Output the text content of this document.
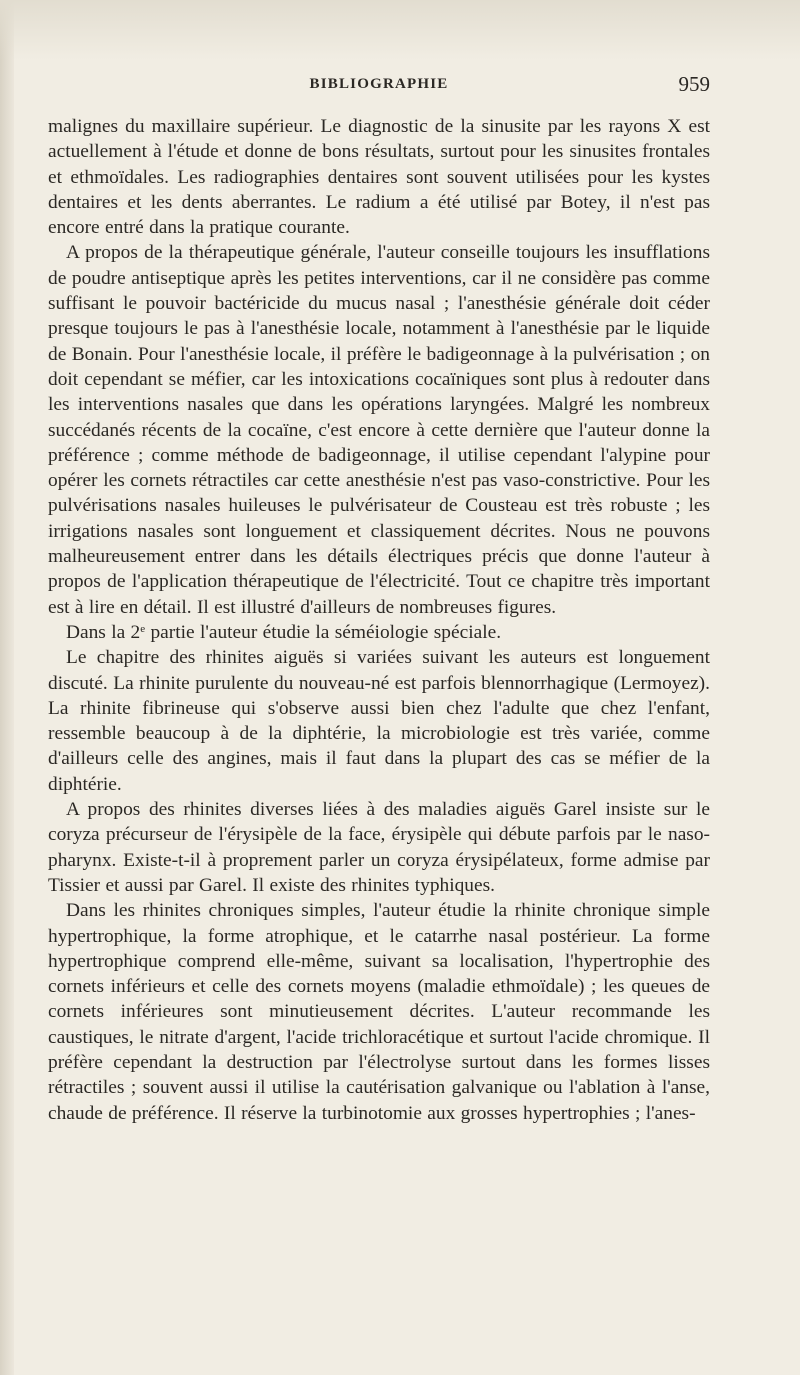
BIBLIOGRAPHIE	959

malignes du maxillaire supérieur. Le diagnostic de la sinusite par les rayons X est actuellement à l'étude et donne de bons résultats, surtout pour les sinusites frontales et ethmoïdales. Les radiographies dentaires sont souvent utilisées pour les kystes dentaires et les dents aberrantes. Le radium a été utilisé par Botey, il n'est pas encore entré dans la pratique courante.

A propos de la thérapeutique générale, l'auteur conseille toujours les insufflations de poudre antiseptique après les petites interventions, car il ne considère pas comme suffisant le pouvoir bactéricide du mucus nasal ; l'anesthésie générale doit céder presque toujours le pas à l'anesthésie locale, notamment à l'anesthésie par le liquide de Bonain. Pour l'anesthésie locale, il préfère le badigeonnage à la pulvérisation ; on doit cependant se méfier, car les intoxications cocaïniques sont plus à redouter dans les interventions nasales que dans les opérations laryngées. Malgré les nombreux succédanés récents de la cocaïne, c'est encore à cette dernière que l'auteur donne la préférence ; comme méthode de badigeonnage, il utilise cependant l'alypine pour opérer les cornets rétractiles car cette anesthésie n'est pas vaso-constrictive. Pour les pulvérisations nasales huileuses le pulvérisateur de Cousteau est très robuste ; les irrigations nasales sont longuement et classiquement décrites. Nous ne pouvons malheureusement entrer dans les détails électriques précis que donne l'auteur à propos de l'application thérapeutique de l'électricité. Tout ce chapitre très important est à lire en détail. Il est illustré d'ailleurs de nombreuses figures.

Dans la 2e partie l'auteur étudie la séméiologie spéciale.

Le chapitre des rhinites aiguës si variées suivant les auteurs est longuement discuté. La rhinite purulente du nouveau-né est parfois blennorrhagique (Lermoyez). La rhinite fibrineuse qui s'observe aussi bien chez l'adulte que chez l'enfant, ressemble beaucoup à de la diphtérie, la microbiologie est très variée, comme d'ailleurs celle des angines, mais il faut dans la plupart des cas se méfier de la diphtérie.

A propos des rhinites diverses liées à des maladies aiguës Garel insiste sur le coryza précurseur de l'érysipèle de la face, érysipèle qui débute parfois par le naso-pharynx. Existe-t-il à proprement parler un coryza érysipélateux, forme admise par Tissier et aussi par Garel. Il existe des rhinites typhiques.

Dans les rhinites chroniques simples, l'auteur étudie la rhinite chronique simple hypertrophique, la forme atrophique, et le catarrhe nasal postérieur. La forme hypertrophique comprend elle-même, suivant sa localisation, l'hypertrophie des cornets inférieurs et celle des cornets moyens (maladie ethmoïdale) ; les queues de cornets inférieures sont minutieusement décrites. L'auteur recommande les caustiques, le nitrate d'argent, l'acide trichloracétique et surtout l'acide chromique. Il préfère cependant la destruction par l'électrolyse surtout dans les formes lisses rétractiles ; souvent aussi il utilise la cautérisation galvanique ou l'ablation à l'anse, chaude de préférence. Il réserve la turbinotomie aux grosses hypertrophies ; l'anes-
